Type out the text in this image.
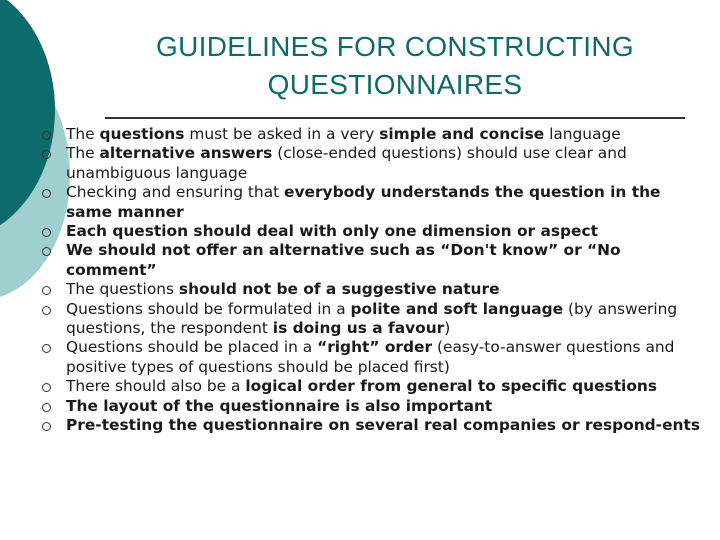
GUIDELINES FOR CONSTRUCTING
QUESTIONNAIRES
The questions must be asked in a very simple and concise language
The alternative answers (close-ended questions) should use clear and unambiguous language
Checking and ensuring that everybody understands the question in the same manner
Each question should deal with only one dimension or aspect
We should not offer an alternative such as “Don't know” or “No comment”
The questions should not be of a suggestive nature
Questions should be formulated in a polite and soft language (by answering questions, the respondent is doing us a favour)
Questions should be placed in a “right” order (easy-to-answer questions and positive types of questions should be placed first)
There should also be a logical order from general to specific questions
The layout of the questionnaire is also important
Pre-testing the questionnaire on several real companies or respond-ents
